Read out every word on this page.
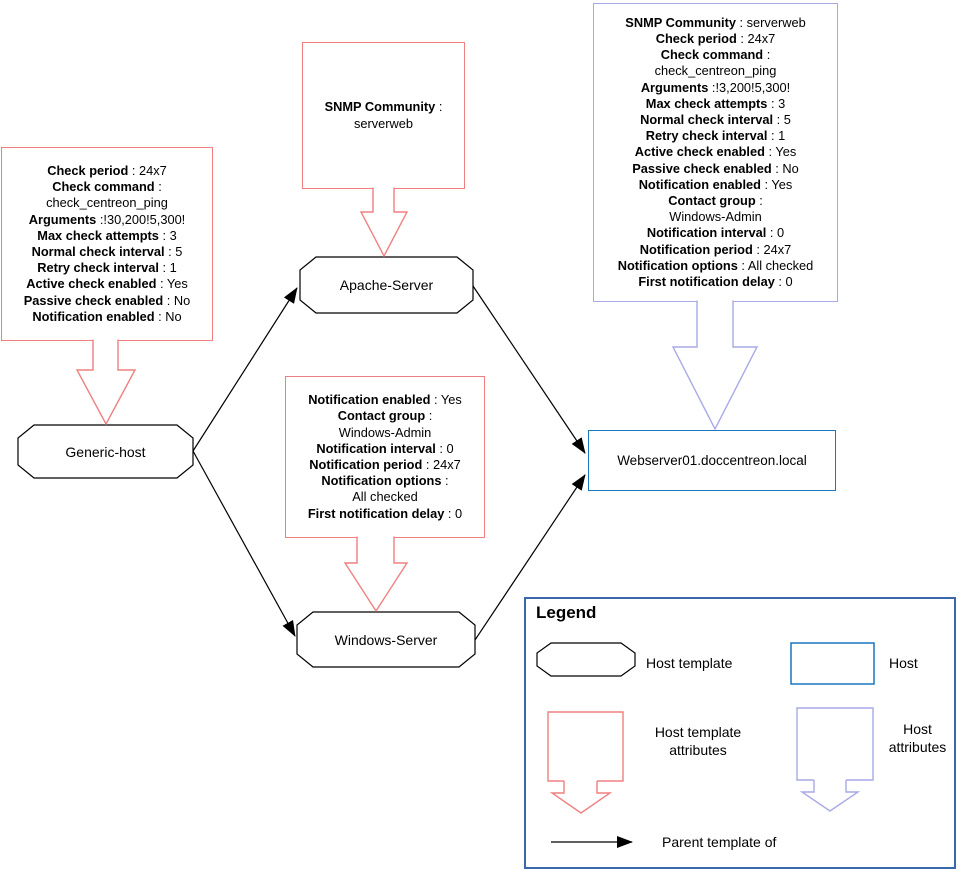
Check period : 24x7
Check command :
check_centreon_ping
Arguments :!30,200!5,300!
Max check attempts : 3
Normal check interval : 5
Retry check interval : 1
Active check enabled : Yes
Passive check enabled : No
Notification enabled : No
SNMP Community :
serverweb
Notification enabled : Yes
Contact group :
Windows-Admin
Notification interval : 0
Notification period : 24x7
Notification options :
All checked
First notification delay : 0
SNMP Community : serverweb
Check period : 24x7
Check command :
check_centreon_ping
Arguments :!3,200!5,300!
Max check attempts : 3
Normal check interval : 5
Retry check interval : 1
Active check enabled : Yes
Passive check enabled : No
Notification enabled : Yes
Contact group :
Windows-Admin
Notification interval : 0
Notification period : 24x7
Notification options : All checked
First notification delay : 0
Webserver01.doccentreon.local
Legend
Host template	Host
Host template
attributes
Host
attributes
Parent template of
Generic-host
Apache-Server
Windows-Server
